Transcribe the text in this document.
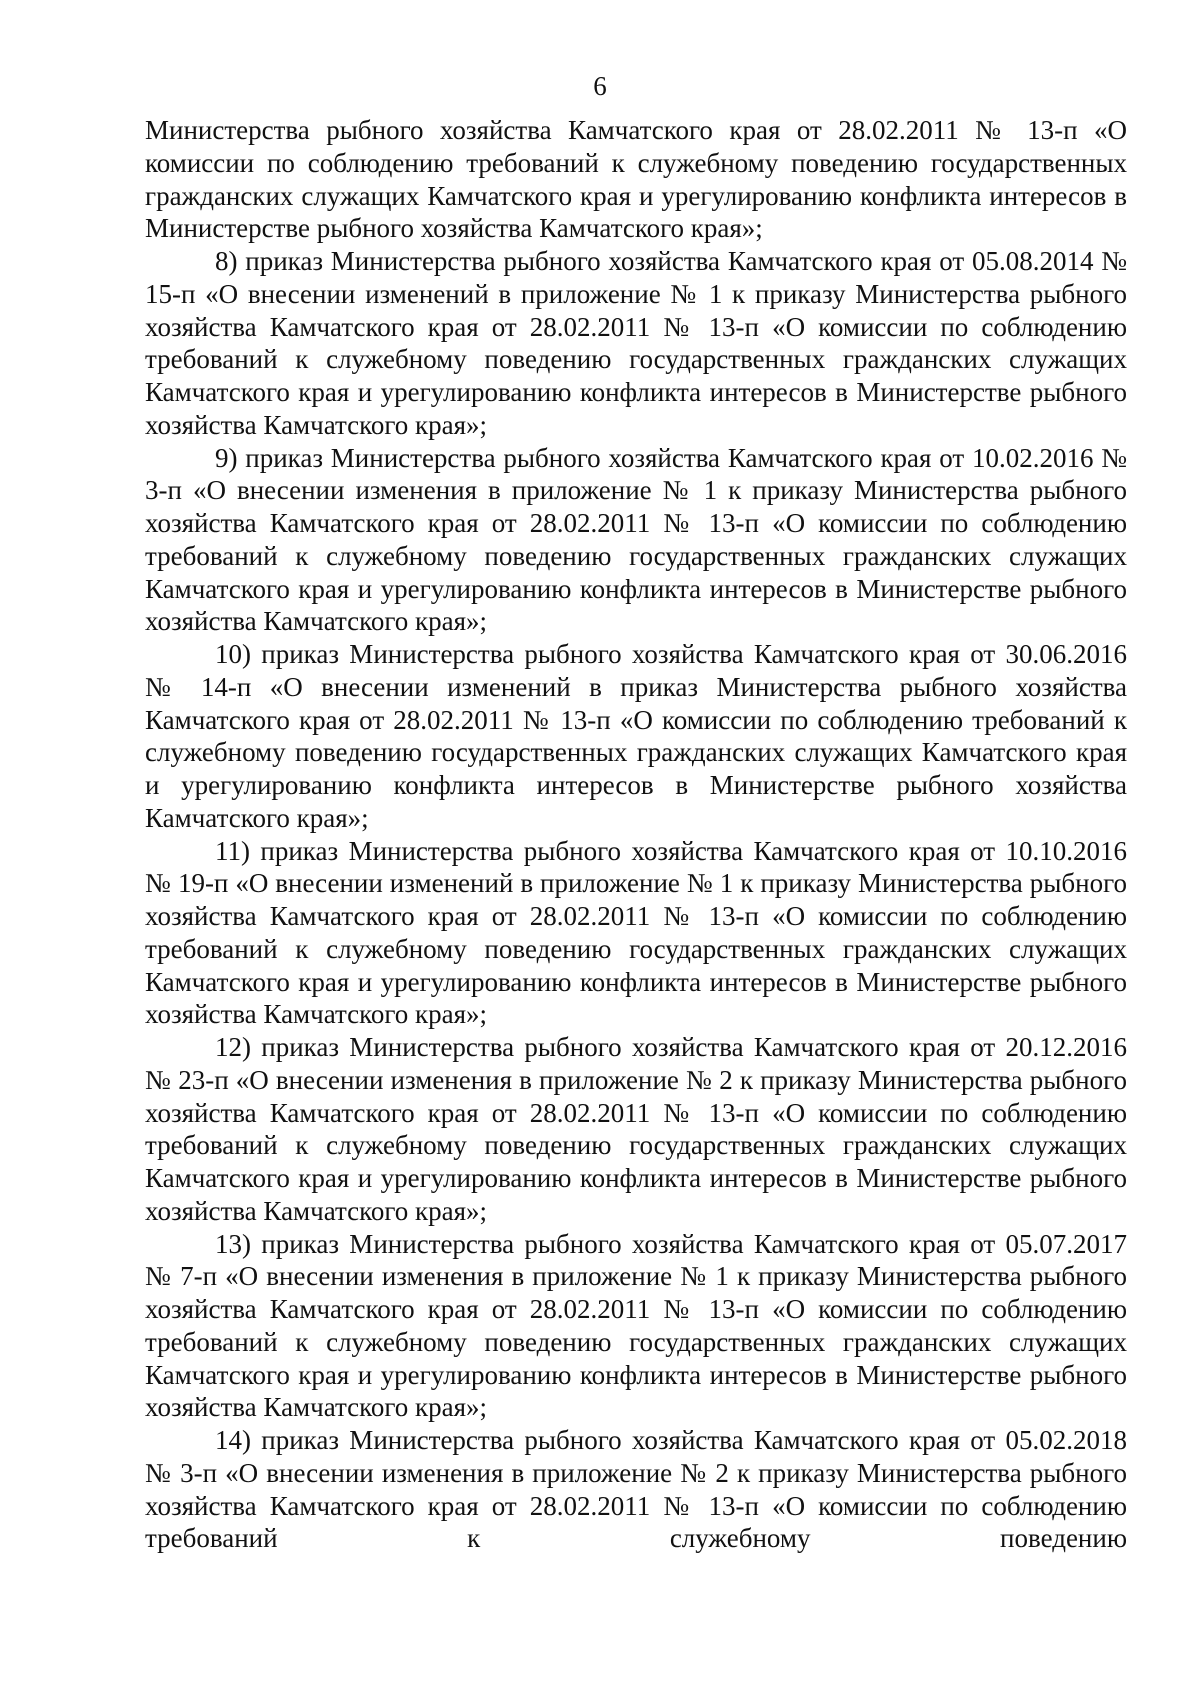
6

Министерства рыбного хозяйства Камчатского края от 28.02.2011 № 13-п «О комиссии по соблюдению требований к служебному поведению государственных гражданских служащих Камчатского края и урегулированию конфликта интересов в Министерстве рыбного хозяйства Камчатского края»;

8) приказ Министерства рыбного хозяйства Камчатского края от 05.08.2014 № 15-п «О внесении изменений в приложение № 1 к приказу Министерства рыбного хозяйства Камчатского края от 28.02.2011 № 13-п «О комиссии по соблюдению требований к служебному поведению государственных гражданских служащих Камчатского края и урегулированию конфликта интересов в Министерстве рыбного хозяйства Камчатского края»;

9) приказ Министерства рыбного хозяйства Камчатского края от 10.02.2016 № 3-п «О внесении изменения в приложение № 1 к приказу Министерства рыбного хозяйства Камчатского края от 28.02.2011 № 13-п «О комиссии по соблюдению требований к служебному поведению государственных гражданских служащих Камчатского края и урегулированию конфликта интересов в Министерстве рыбного хозяйства Камчатского края»;

10) приказ Министерства рыбного хозяйства Камчатского края от 30.06.2016 № 14-п «О внесении изменений в приказ Министерства рыбного хозяйства Камчатского края от 28.02.2011 № 13-п «О комиссии по соблюдению требований к служебному поведению государственных гражданских служащих Камчатского края и урегулированию конфликта интересов в Министерстве рыбного хозяйства Камчатского края»;

11) приказ Министерства рыбного хозяйства Камчатского края от 10.10.2016 № 19-п «О внесении изменений в приложение № 1 к приказу Министерства рыбного хозяйства Камчатского края от 28.02.2011 № 13-п «О комиссии по соблюдению требований к служебному поведению государственных гражданских служащих Камчатского края и урегулированию конфликта интересов в Министерстве рыбного хозяйства Камчатского края»;

12) приказ Министерства рыбного хозяйства Камчатского края от 20.12.2016 № 23-п «О внесении изменения в приложение № 2 к приказу Министерства рыбного хозяйства Камчатского края от 28.02.2011 № 13-п «О комиссии по соблюдению требований к служебному поведению государственных гражданских служащих Камчатского края и урегулированию конфликта интересов в Министерстве рыбного хозяйства Камчатского края»;

13) приказ Министерства рыбного хозяйства Камчатского края от 05.07.2017 № 7-п «О внесении изменения в приложение № 1 к приказу Министерства рыбного хозяйства Камчатского края от 28.02.2011 № 13-п «О комиссии по соблюдению требований к служебному поведению государственных гражданских служащих Камчатского края и урегулированию конфликта интересов в Министерстве рыбного хозяйства Камчатского края»;

14) приказ Министерства рыбного хозяйства Камчатского края от 05.02.2018 № 3-п «О внесении изменения в приложение № 2 к приказу Министерства рыбного хозяйства Камчатского края от 28.02.2011 № 13-п «О комиссии по соблюдению требований к служебному поведению
